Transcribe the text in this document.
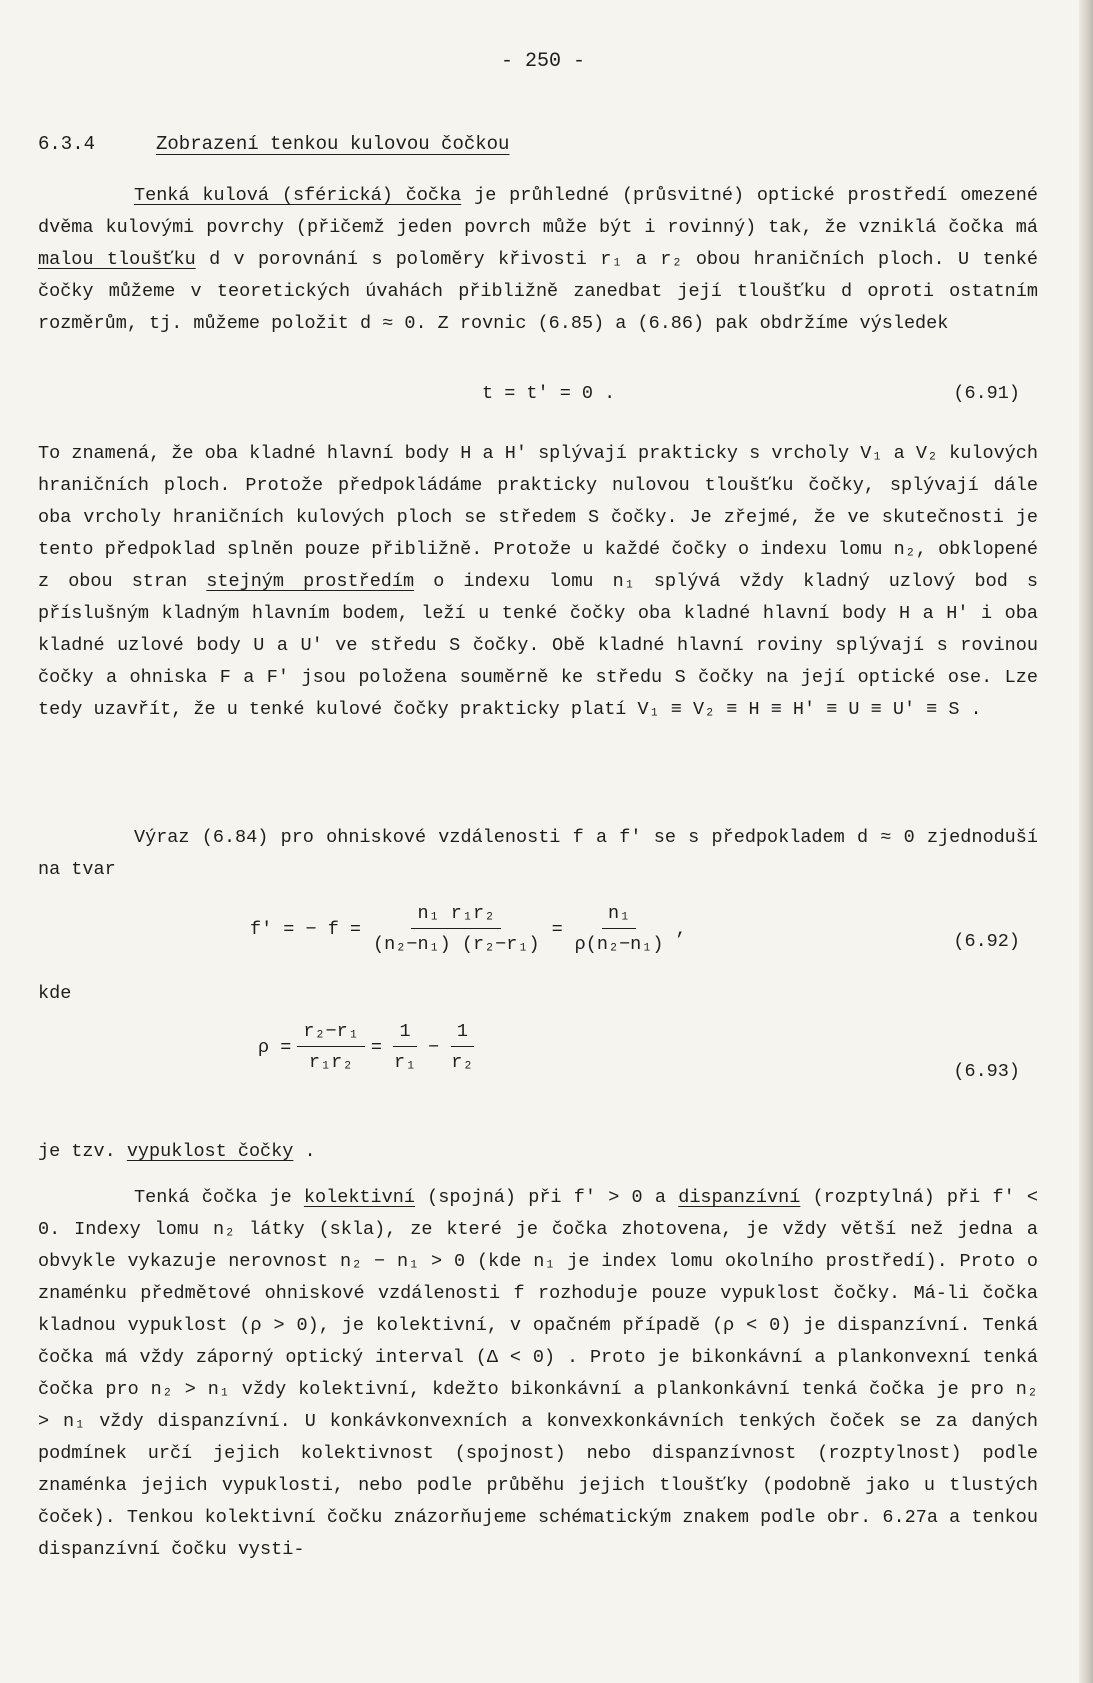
- 250 -
6.3.4	Zobrazení tenkou kulovou čočkou

Tenká kulová (sférická) čočka je průhledné (průsvitné) optické prostředí omezené dvěma kulovými povrchy (přičemž jeden povrch může být i rovinný) tak, že vzniklá čočka má malou tloušťku d v porovnání s poloměry křivosti r₁ a r₂ obou hraničních ploch. U tenké čočky můžeme v teoretických úvahách přibližně zanedbat její tloušťku d oproti ostatním rozměrům, tj. můžeme položit d ≈ 0. Z rovnic (6.85) a (6.86) pak obdržíme výsledek

t = t′ = 0 .	(6.91)

To znamená, že oba kladné hlavní body H a H′ splývají prakticky s vrcholy V₁ a V₂ kulových hraničních ploch. Protože předpokládáme prakticky nulovou tloušťku čočky, splývají dále oba vrcholy hraničních kulových ploch se středem S čočky. Je zřejmé, že ve skutečnosti je tento předpoklad splněn pouze přibližně. Protože u každé čočky o indexu lomu n₂, obklopené z obou stran stejným prostředím o indexu lomu n₁ splývá vždy kladný uzlový bod s příslušným kladným hlavním bodem, leží u tenké čočky oba kladné hlavní body H a H′ i oba kladné uzlové body U a U′ ve středu S čočky. Obě kladné hlavní roviny splývají s rovinou čočky a ohniska F a F′ jsou položena souměrně ke středu S čočky na její optické ose. Lze tedy uzavřít, že u tenké kulové čočky prakticky platí V₁ ≡ V₂ ≡ H ≡ H′ ≡ U ≡ U′ ≡ S .

Výraz (6.84) pro ohniskové vzdálenosti f a f′ se s předpokladem d ≈ 0 zjednoduší na tvar

f′ = − $f = \frac{\text{n₁ r₁r₂}}{\text{(n₂−n₁) (r₂−r₁)}} = \frac{\text{n₁}}{\text{ρ(n₂−n₁)}}$ ,
(6.92)
kde
$\rho = \frac{\text{r₂−r₁}}{\text{r₁r₂}} = \frac{1}{\text{r₁}} - \frac{1}{\text{r₂}}$	(6.93)

je tzv. vypuklost čočky .

Tenká čočka je kolektivní (spojná) při f′ > 0 a dispanzívní (rozptylná) při f′ < 0. Indexy lomu n₂ látky (skla), ze které je čočka zhotovena, je vždy větší než jedna a obvykle vykazuje nerovnost n₂ − n₁ > 0 (kde n₁ je index lomu okolního prostředí). Proto o znaménku předmětové ohniskové vzdálenosti f rozhoduje pouze vypuklost čočky. Má-li čočka kladnou vypuklost (ρ > 0), je kolektivní, v opačném případě (ρ < 0) je dispanzívní. Tenká čočka má vždy záporný optický interval (Δ < 0) . Proto je bikonkávní a plankonvexní tenká čočka pro n₂ > n₁ vždy kolektivní, kdežto bikonkávní a plankonkávní tenká čočka je pro n₂ > n₁ vždy dispanzívní. U konkávkonvexních a konvexkonkávních tenkých čoček se za daných podmínek určí jejich kolektivnost (spojnost) nebo dispanzívnost (rozptylnost) podle znaménka jejich vypuklosti, nebo podle průběhu jejich tloušťky (podobně jako u tlustých čoček). Tenkou kolektivní čočku znázorňujeme schématickým znakem podle obr. 6.27a a tenkou dispanzívní čočku vysti-
